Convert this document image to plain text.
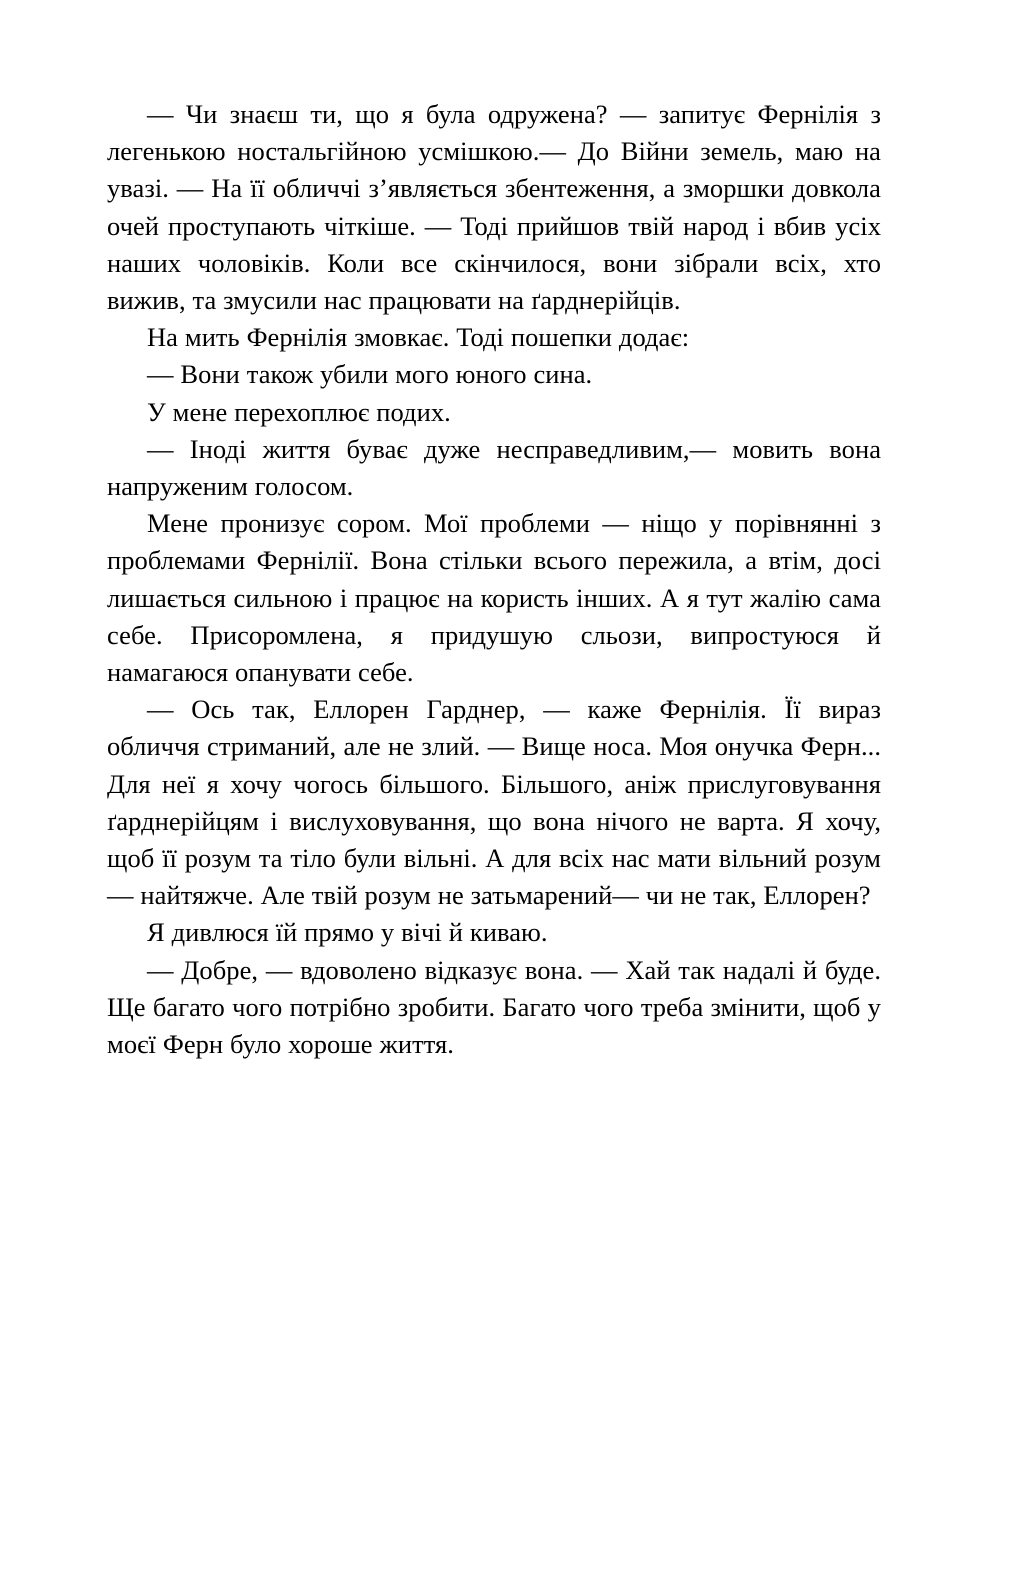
— Чи знаєш ти, що я була одружена? — запитує Фернілія з легенькою ностальгійною усмішкою.— До Війни земель, маю на увазі. — На її обличчі з’являється збентеження, а зморшки довкола очей проступають чіткіше. — Тоді прийшов твій народ і вбив усіх наших чоловіків. Коли все скінчилося, вони зібрали всіх, хто вижив, та змусили нас працювати на ґарднерійців.

На мить Фернілія змовкає. Тоді пошепки додає:

— Вони також убили мого юного сина.

У мене перехоплює подих.

— Іноді життя буває дуже несправедливим,— мовить вона напруженим голосом.

Мене пронизує сором. Мої проблеми — ніщо у порівнянні з проблемами Фернілії. Вона стільки всього пережила, а втім, досі лишається сильною і працює на користь інших. А я тут жалію сама себе. Присоромлена, я придушую сльози, випростуюся й намагаюся опанувати себе.

— Ось так, Еллорен Гарднер, — каже Фернілія. Її вираз обличчя стриманий, але не злий. — Вище носа. Моя онучка Ферн... Для неї я хочу чогось більшого. Більшого, аніж прислуговування ґарднерійцям і вислуховування, що вона нічого не варта. Я хочу, щоб її розум та тіло були вільні. А для всіх нас мати вільний розум — найтяжче. Але твій розум не затьмарений— чи не так, Еллорен?

Я дивлюся їй прямо у вічі й киваю.

— Добре, — вдоволено відказує вона. — Хай так надалі й буде. Ще багато чого потрібно зробити. Багато чого треба змінити, щоб у моєї Ферн було хороше життя.
